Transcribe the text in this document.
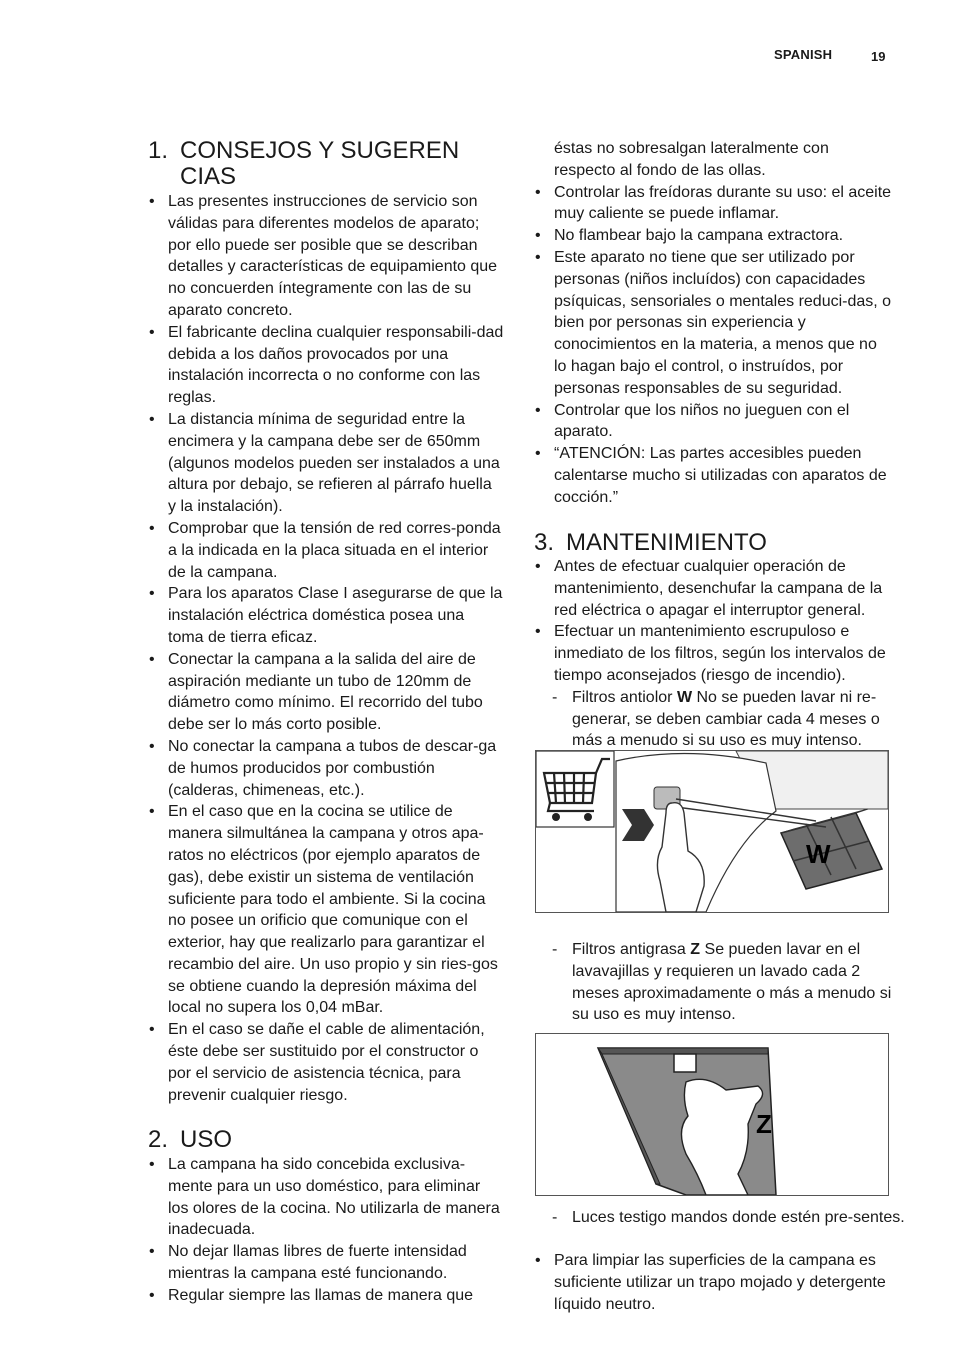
SPANISH	19
1. CONSEJOS Y SUGEREN
CIAS
• Las presentes instrucciones de servicio son válidas para diferentes modelos de aparato; por ello puede ser posible que se describan detalles y características de equipamiento que no concuerden íntegramente con las de su aparato concreto.
• El fabricante declina cualquier responsabili-dad debida a los daños provocados por una instalación incorrecta o no conforme con las reglas.
• La distancia mínima de seguridad entre la encimera y la campana debe ser de 650mm (algunos modelos pueden ser instalados a una altura por debajo, se refieren al párrafo huella y la instalación).
• Comprobar que la tensión de red corres-ponda a la indicada en la placa situada en el interior de la campana.
• Para los aparatos Clase I asegurarse de que la instalación eléctrica doméstica posea una toma de tierra eficaz.
• Conectar la campana a la salida del aire de aspiración mediante un tubo de 120mm de diámetro como mínimo. El recorrido del tubo debe ser lo más corto posible.
• No conectar la campana a tubos de descar-ga de humos producidos por combustión (calderas, chimeneas, etc.).
• En el caso que en la cocina se utilice de manera silmultánea la campana y otros apa-ratos no eléctricos (por ejemplo aparatos de gas), debe existir un sistema de ventilación suficiente para todo el ambiente. Si la cocina no posee un orificio que comunique con el exterior, hay que realizarlo para garantizar el recambio del aire. Un uso propio y sin ries-gos se obtiene cuando la depresión máxima del local no supera los 0,04 mBar.
• En el caso se dañe el cable de alimentación, éste debe ser sustituido por el constructor o por el servicio de asistencia técnica, para prevenir cualquier riesgo.
2. USO
• La campana ha sido concebida exclusiva-mente para un uso doméstico, para eliminar los olores de la cocina. No utilizarla de manera inadecuada.
• No dejar llamas libres de fuerte intensidad mientras la campana esté funcionando.
• Regular siempre las llamas de manera que
éstas no sobresalgan lateralmente con respecto al fondo de las ollas.
• Controlar las freídoras durante su uso: el aceite muy caliente se puede inflamar.
• No flambear bajo la campana extractora.
• Este aparato no tiene que ser utilizado por personas (niños incluídos) con capacidades psíquicas, sensoriales o mentales reduci-das, o bien por personas sin experiencia y conocimientos en la materia, a menos que no lo hagan bajo el control, o instruídos, por personas responsables de su seguridad.
• Controlar que los niños no jueguen con el aparato.
• “ATENCIÓN: Las partes accesibles pueden calentarse mucho si utilizadas con aparatos de cocción.”
3. MANTENIMIENTO
• Antes de efectuar cualquier operación de mantenimiento, desenchufar la campana de la red eléctrica o apagar el interruptor general.
• Efectuar un mantenimiento escrupuloso e inmediato de los filtros, según los intervalos de tiempo aconsejados (riesgo de incendio).
- Filtros antiolor W No se pueden lavar ni re-generar, se deben cambiar cada 4 meses o más a menudo si su uso es muy intenso.
W
- Filtros antigrasa Z Se pueden lavar en el lavavajillas y requieren un lavado cada 2 meses aproximadamente o más a menudo si su uso es muy intenso.
Z
- Luces testigo mandos donde estén pre-sentes.
• Para limpiar las superficies de la campana es suficiente utilizar un trapo mojado y detergente líquido neutro.
